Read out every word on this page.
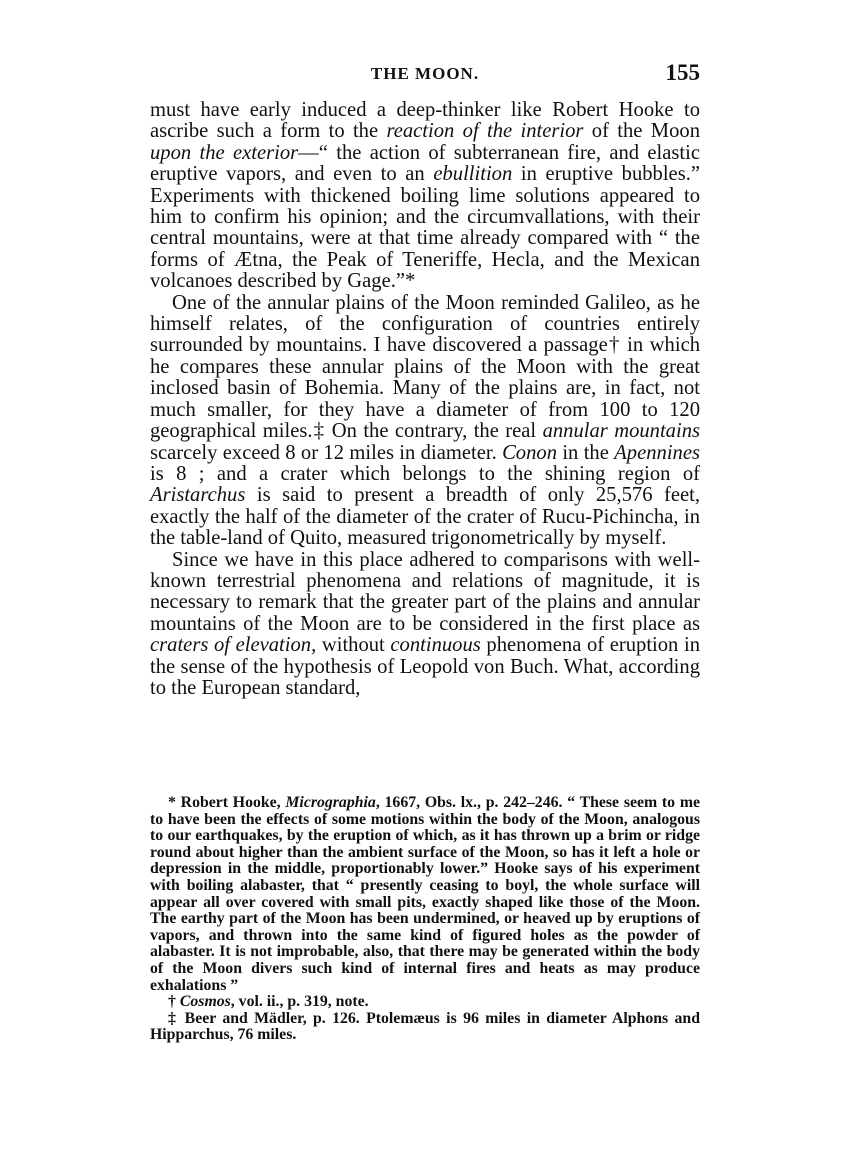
THE MOON.	155

must have early induced a deep-thinker like Robert Hooke to ascribe such a form to the reaction of the interior of the Moon upon the exterior—“ the action of subterranean fire, and elastic eruptive vapors, and even to an ebullition in eruptive bubbles.” Experiments with thickened boiling lime solutions appeared to him to confirm his opinion; and the circumvallations, with their central mountains, were at that time already compared with “ the forms of Ætna, the Peak of Teneriffe, Hecla, and the Mexican volcanoes described by Gage.”*

One of the annular plains of the Moon reminded Galileo, as he himself relates, of the configuration of countries entirely surrounded by mountains. I have discovered a passage† in which he compares these annular plains of the Moon with the great inclosed basin of Bohemia. Many of the plains are, in fact, not much smaller, for they have a diameter of from 100 to 120 geographical miles.‡ On the contrary, the real annular mountains scarcely exceed 8 or 12 miles in diameter. Conon in the Apennines is 8 ; and a crater which belongs to the shining region of Aristarchus is said to present a breadth of only 25,576 feet, exactly the half of the diameter of the crater of Rucu-Pichincha, in the table-land of Quito, measured trigonometrically by myself.

Since we have in this place adhered to comparisons with well-known terrestrial phenomena and relations of magnitude, it is necessary to remark that the greater part of the plains and annular mountains of the Moon are to be considered in the first place as craters of elevation, without continuous phenomena of eruption in the sense of the hypothesis of Leopold von Buch. What, according to the European standard,

* Robert Hooke, Micrographia, 1667, Obs. lx., p. 242–246. “ These seem to me to have been the effects of some motions within the body of the Moon, analogous to our earthquakes, by the eruption of which, as it has thrown up a brim or ridge round about higher than the ambient surface of the Moon, so has it left a hole or depression in the middle, proportionably lower.” Hooke says of his experiment with boiling alabaster, that “ presently ceasing to boyl, the whole surface will appear all over covered with small pits, exactly shaped like those of the Moon. The earthy part of the Moon has been undermined, or heaved up by eruptions of vapors, and thrown into the same kind of figured holes as the powder of alabaster. It is not improbable, also, that there may be generated within the body of the Moon divers such kind of internal fires and heats as may produce exhalations ”

† Cosmos, vol. ii., p. 319, note.

‡ Beer and Mädler, p. 126. Ptolemæus is 96 miles in diameter Alphons and Hipparchus, 76 miles.
